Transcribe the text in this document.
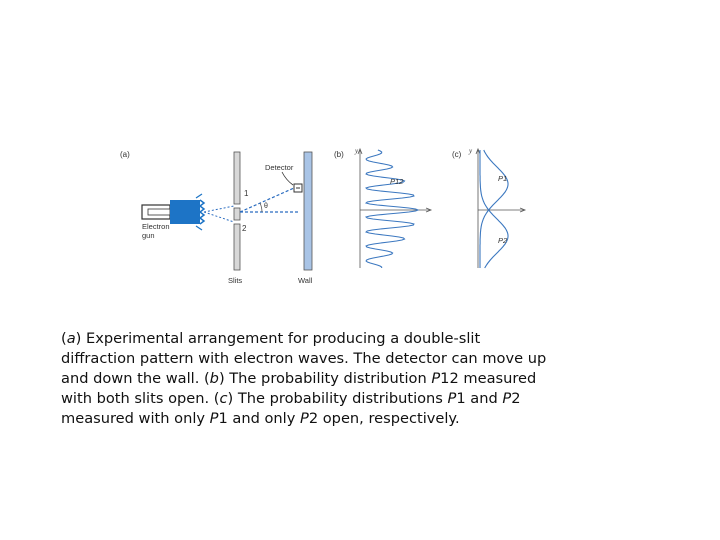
(a)
Electron
gun
1
2
Slits
θ
Detector
Wall
(b) y
P12
(c) y
P1
P2
(a) Experimental arrangement for producing a double-slit
diffraction pattern with electron waves. The detector can move up
and down the wall. (b) The probability distribution P12 measured
with both slits open. (c) The probability distributions P1 and P2
measured with only P1 and only P2 open, respectively.
